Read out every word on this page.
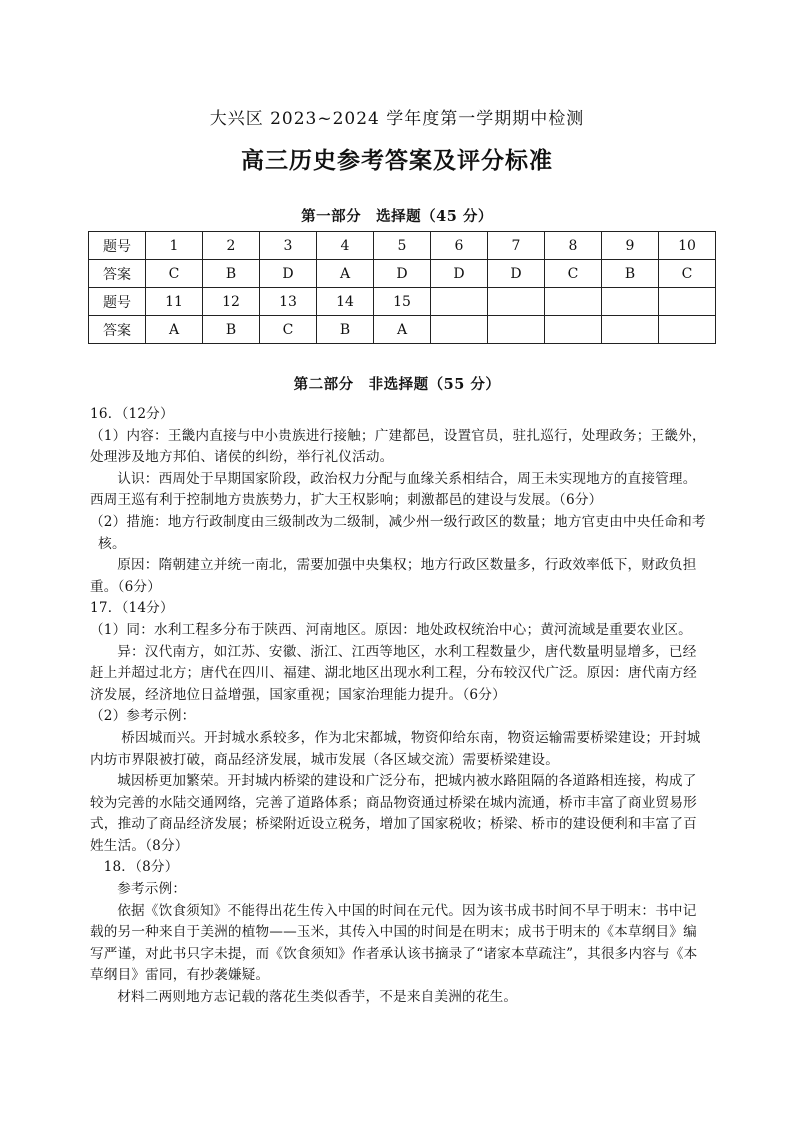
大兴区 2023~2024 学年度第一学期期中检测
高三历史参考答案及评分标准
第一部分　选择题（45 分）
题号	1	2	3	4	5	6	7	8	9	10
答案	C	B	D	A	D	D	D	C	B	C
题号	11	12	13	14	15					
答案	A	B	C	B	A					
第二部分　非选择题（55 分）

16．（12分）

（1）内容：王畿内直接与中小贵族进行接触；广建都邑，设置官员，驻扎巡行，处理政务；王畿外，处理涉及地方邦伯、诸侯的纠纷，举行礼仪活动。

认识：西周处于早期国家阶段，政治权力分配与血缘关系相结合，周王未实现地方的直接管理。西周王巡有利于控制地方贵族势力，扩大王权影响；刺激都邑的建设与发展。（6分）

（2）措施：地方行政制度由三级制改为二级制，减少州一级行政区的数量；地方官吏由中央任命和考核。

原因：隋朝建立并统一南北，需要加强中央集权；地方行政区数量多，行政效率低下，财政负担重。（6分）

17．（14分）

（1）同：水利工程多分布于陕西、河南地区。原因：地处政权统治中心；黄河流域是重要农业区。

异：汉代南方，如江苏、安徽、浙江、江西等地区，水利工程数量少，唐代数量明显增多，已经赶上并超过北方；唐代在四川、福建、湖北地区出现水利工程，分布较汉代广泛。原因：唐代南方经济发展，经济地位日益增强，国家重视；国家治理能力提升。（6分）

（2）参考示例：

桥因城而兴。开封城水系较多，作为北宋都城，物资仰给东南，物资运输需要桥梁建设；开封城内坊市界限被打破，商品经济发展，城市发展（各区域交流）需要桥梁建设。

城因桥更加繁荣。开封城内桥梁的建设和广泛分布，把城内被水路阻隔的各道路相连接，构成了较为完善的水陆交通网络，完善了道路体系；商品物资通过桥梁在城内流通，桥市丰富了商业贸易形式，推动了商品经济发展；桥梁附近设立税务，增加了国家税收；桥梁、桥市的建设便利和丰富了百姓生活。（8分）

18．（8分）

参考示例：

依据《饮食须知》不能得出花生传入中国的时间在元代。因为该书成书时间不早于明末：书中记载的另一种来自于美洲的植物——玉米，其传入中国的时间是在明末；成书于明末的《本草纲目》编写严谨，对此书只字未提，而《饮食须知》作者承认该书摘录了“诸家本草疏注”，其很多内容与《本草纲目》雷同，有抄袭嫌疑。

材料二两则地方志记载的落花生类似香芋，不是来自美洲的花生。
